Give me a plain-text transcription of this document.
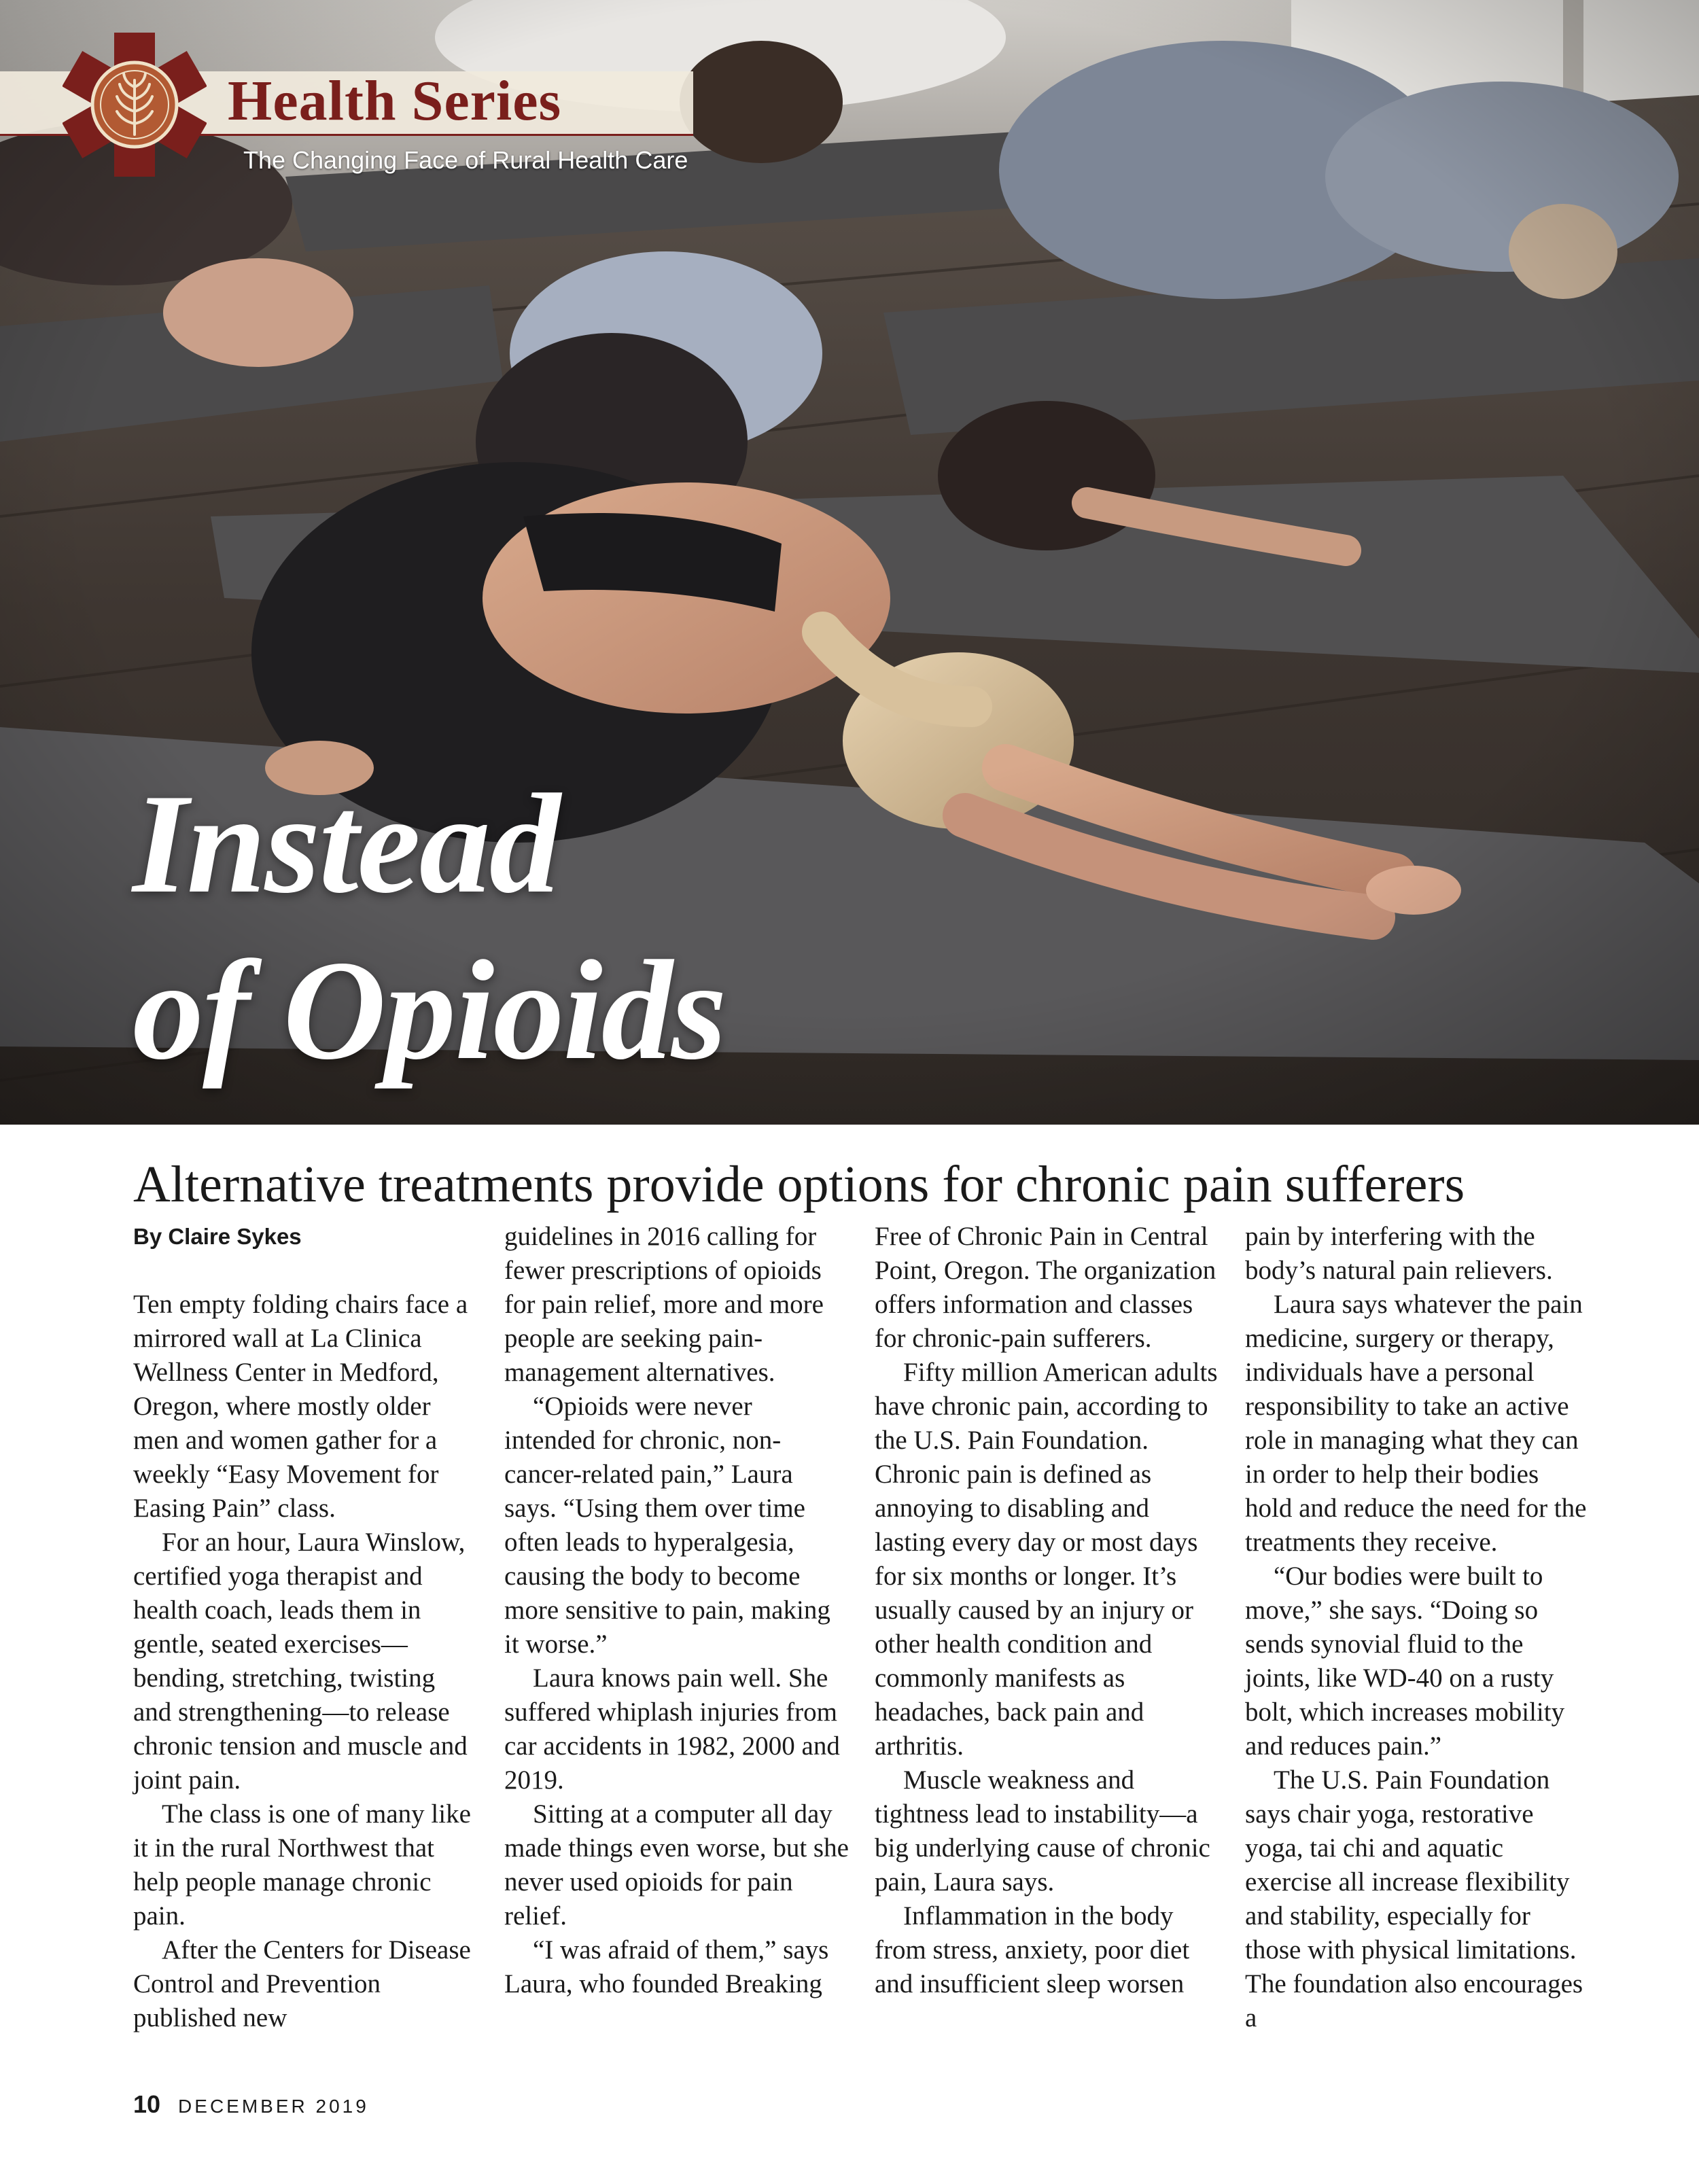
Health Series
The Changing Face of Rural Health Care
Instead
of Opioids
Alternative treatments provide options for chronic pain sufferers

By Claire Sykes

Ten empty folding chairs face a mirrored wall at La Clinica Wellness Center in Medford, Oregon, where mostly older men and women gather for a weekly “Easy Movement for Easing Pain” class.

For an hour, Laura Winslow, certified yoga therapist and health coach, leads them in gentle, seated exercises—bending, stretching, twisting and strengthening—to release chronic tension and muscle and joint pain.

The class is one of many like it in the rural Northwest that help people manage chronic pain.

After the Centers for Disease Control and Prevention published new

guidelines in 2016 calling for fewer prescriptions of opioids for pain relief, more and more people are seeking pain-management alternatives.

“Opioids were never intended for chronic, non-cancer-related pain,” Laura says. “Using them over time often leads to hyperalgesia, causing the body to become more sensitive to pain, making it worse.”

Laura knows pain well. She suffered whiplash injuries from car accidents in 1982, 2000 and 2019.

Sitting at a computer all day made things even worse, but she never used opioids for pain relief.

“I was afraid of them,” says Laura, who founded Breaking

Free of Chronic Pain in Central Point, Oregon. The organization offers information and classes for chronic-pain sufferers.

Fifty million American adults have chronic pain, according to the U.S. Pain Foundation. Chronic pain is defined as annoying to disabling and lasting every day or most days for six months or longer. It’s usually caused by an injury or other health condition and commonly manifests as headaches, back pain and arthritis.

Muscle weakness and tightness lead to instability—a big underlying cause of chronic pain, Laura says.

Inflammation in the body from stress, anxiety, poor diet and insufficient sleep worsen

pain by interfering with the body’s natural pain relievers.

Laura says whatever the pain medicine, surgery or therapy, individuals have a personal responsibility to take an active role in managing what they can in order to help their bodies hold and reduce the need for the treatments they receive.

“Our bodies were built to move,” she says. “Doing so sends synovial fluid to the joints, like WD-40 on a rusty bolt, which increases mobility and reduces pain.”

The U.S. Pain Foundation says chair yoga, restorative yoga, tai chi and aquatic exercise all increase flexibility and stability, especially for those with physical limitations. The foundation also encourages a

10 DECEMBER 2019
